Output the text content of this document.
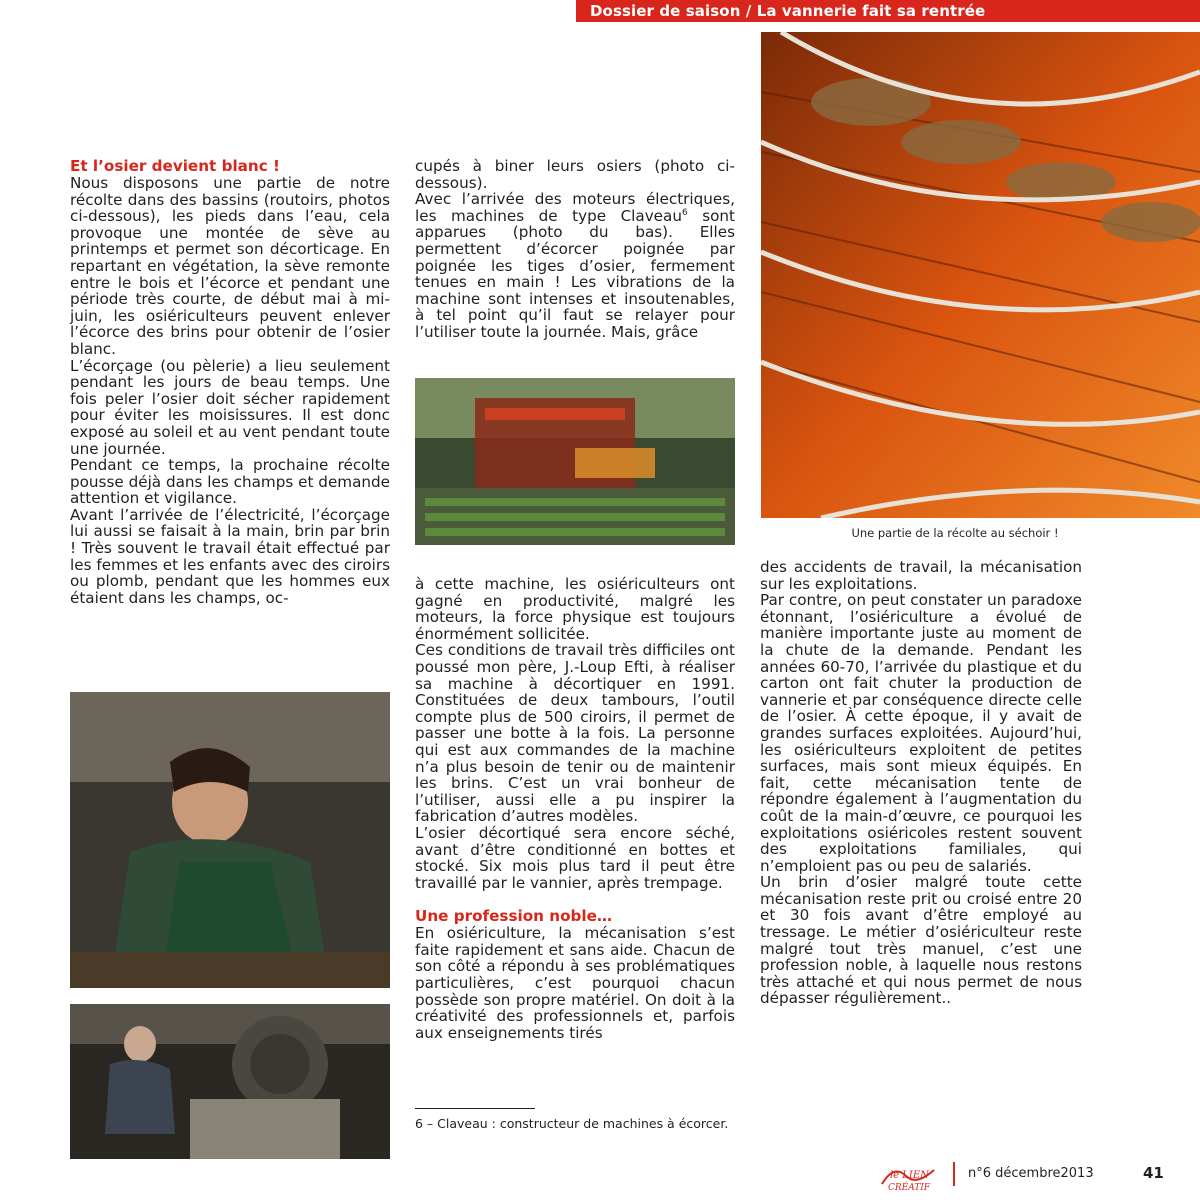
Dossier de saison / La vannerie fait sa rentrée
Une partie de la récolte au séchoir !
Et l’osier devient blanc !

Nous disposons une partie de notre récolte dans des bassins (routoirs, photos ci-dessous), les pieds dans l’eau, cela provoque une montée de sève au printemps et permet son décorticage. En repartant en végétation, la sève remonte entre le bois et l’écorce et pendant une période très courte, de début mai à mi-juin, les osiériculteurs peuvent enlever l’écorce des brins pour obtenir de l’osier blanc.

L’écorçage (ou pèlerie) a lieu seulement pendant les jours de beau temps. Une fois peler l’osier doit sécher rapidement pour éviter les moisissures. Il est donc exposé au soleil et au vent pendant toute une journée.

Pendant ce temps, la prochaine récolte pousse déjà dans les champs et demande attention et vigilance.

Avant l’arrivée de l’électricité, l’écorçage lui aussi se faisait à la main, brin par brin ! Très souvent le travail était effectué par les femmes et les enfants avec des ciroirs ou plomb, pendant que les hommes eux étaient dans les champs, oc-

cupés à biner leurs osiers (photo ci-dessous).

Avec l’arrivée des moteurs électriques, les machines de type Claveau$^6$ sont apparues (photo du bas). Elles permettent d’écorcer poignée par poignée les tiges d’osier, fermement tenues en main ! Les vibrations de la machine sont intenses et insoutenables, à tel point qu’il faut se relayer pour l’utiliser toute la journée. Mais, grâce

à cette machine, les osiériculteurs ont gagné en productivité, malgré les moteurs, la force physique est toujours énormément sollicitée.

Ces conditions de travail très difficiles ont poussé mon père, J.-Loup Efti, à réaliser sa machine à décortiquer en 1991. Constituées de deux tambours, l’outil compte plus de 500 ciroirs, il permet de passer une botte à la fois. La personne qui est aux commandes de la machine n’a plus besoin de tenir ou de maintenir les brins. C’est un vrai bonheur de l’utiliser, aussi elle a pu inspirer la fabrication d’autres modèles.

L’osier décortiqué sera encore séché, avant d’être conditionné en bottes et stocké. Six mois plus tard il peut être travaillé par le vannier, après trempage.

Une profession noble…

En osiériculture, la mécanisation s’est faite rapidement et sans aide. Chacun de son côté a répondu à ses problématiques particulières, c’est pourquoi chacun possède son propre matériel. On doit à la créativité des professionnels et, parfois aux enseignements tirés

6 – Claveau : constructeur de machines à écorcer.

des accidents de travail, la mécanisation sur les exploitations.

Par contre, on peut constater un paradoxe étonnant, l’osiériculture a évolué de manière importante juste au moment de la chute de la demande. Pendant les années 60-70, l’arrivée du plastique et du carton ont fait chuter la production de vannerie et par conséquence directe celle de l’osier. À cette époque, il y avait de grandes surfaces exploitées. Aujourd’hui, les osiériculteurs exploitent de petites surfaces, mais sont mieux équipés. En fait, cette mécanisation tente de répondre également à l’augmentation du coût de la main-d’œuvre, ce pourquoi les exploitations osiéricoles restent souvent des exploitations familiales, qui n’emploient pas ou peu de salariés.

Un brin d’osier malgré toute cette mécanisation reste prit ou croisé entre 20 et 30 fois avant d’être employé au tressage. Le métier d’osiériculteur reste malgré tout très manuel, c’est une profession noble, à laquelle nous restons très attaché et qui nous permet de nous dépasser régulièrement..

le LIEN
CRÉATIF
n°6 décembre2013	41
